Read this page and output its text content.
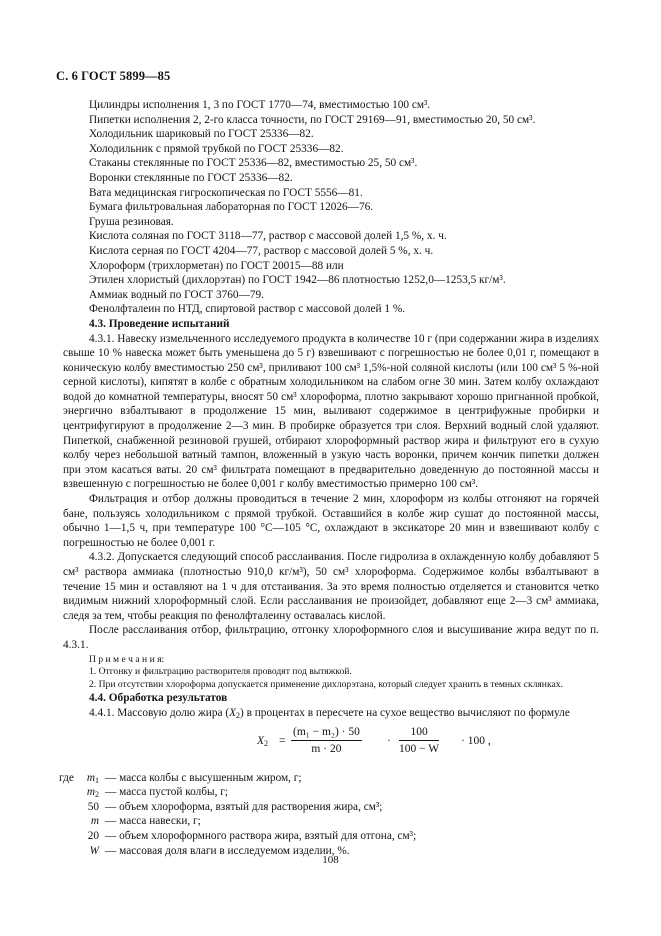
С. 6 ГОСТ 5899—85

Цилиндры исполнения 1, 3 по ГОСТ 1770—74, вместимостью 100 см³.

Пипетки исполнения 2, 2-го класса точности, по ГОСТ 29169—91, вместимостью 20, 50 см³.

Холодильник шариковый по ГОСТ 25336—82.

Холодильник с прямой трубкой по ГОСТ 25336—82.

Стаканы стеклянные по ГОСТ 25336—82, вместимостью 25, 50 см³.

Воронки стеклянные по ГОСТ 25336—82.

Вата медицинская гигроскопическая по ГОСТ 5556—81.

Бумага фильтровальная лабораторная по ГОСТ 12026—76.

Груша резиновая.

Кислота соляная по ГОСТ 3118—77, раствор с массовой долей 1,5 %, х. ч.

Кислота серная по ГОСТ 4204—77, раствор с массовой долей 5 %, х. ч.

Хлороформ (трихлорметан) по ГОСТ 20015—88 или

Этилен хлористый (дихлорэтан) по ГОСТ 1942—86 плотностью 1252,0—1253,5 кг/м³.

Аммиак водный по ГОСТ 3760—79.

Фенолфталеин по НТД, спиртовой раствор с массовой долей 1 %.

4.3. Проведение испытаний

4.3.1. Навеску измельченного исследуемого продукта в количестве 10 г (при содержании жира в изделиях свыше 10 % навеска может быть уменьшена до 5 г) взвешивают с погрешностью не более 0,01 г, помещают в коническую колбу вместимостью 250 см³, приливают 100 см³ 1,5%-ной соляной кислоты (или 100 см³ 5 %-ной серной кислоты), кипятят в колбе с обратным холодильником на слабом огне 30 мин. Затем колбу охлаждают водой до комнатной температуры, вносят 50 см³ хлороформа, плотно закрывают хорошо пригнанной пробкой, энергично взбалтывают в продолжение 15 мин, выливают содержимое в центрифужные пробирки и центрифугируют в продолжение 2—3 мин. В пробирке образуется три слоя. Верхний водный слой удаляют. Пипеткой, снабженной резиновой грушей, отбирают хлороформный раствор жира и фильтруют его в сухую колбу через небольшой ватный тампон, вложенный в узкую часть воронки, причем кончик пипетки должен при этом касаться ваты. 20 см³ фильтрата помещают в предварительно доведенную до постоянной массы и взвешенную с погрешностью не более 0,001 г колбу вместимостью примерно 100 см³.

Фильтрация и отбор должны проводиться в течение 2 мин, хлороформ из колбы отгоняют на горячей бане, пользуясь холодильником с прямой трубкой. Оставшийся в колбе жир сушат до постоянной массы, обычно 1—1,5 ч, при температуре 100 °С—105 °С, охлаждают в эксикаторе 20 мин и взвешивают колбу с погрешностью не более 0,001 г.

4.3.2. Допускается следующий способ расслаивания. После гидролиза в охлажденную колбу добавляют 5 см³ раствора аммиака (плотностью 910,0 кг/м³), 50 см³ хлороформа. Содержимое колбы взбалтывают в течение 15 мин и оставляют на 1 ч для отстаивания. За это время полностью отделяется и становится четко видимым нижний хлороформный слой. Если расслаивания не произойдет, добавляют еще 2—3 см³ аммиака, следя за тем, чтобы реакция по фенолфталеину оставалась кислой.

После расслаивания отбор, фильтрацию, отгонку хлороформного слоя и высушивание жира ведут по п. 4.3.1.

П р и м е ч а н и я:

1. Отгонку и фильтрацию растворителя проводят под вытяжкой.

2. При отсутствии хлороформа допускается применение дихлорэтана, который следует хранить в темных склянках.

4.4. Обработка результатов

4.4.1. Массовую долю жира $(X_2)$ в процентах в пересчете на сухое вещество вычисляют по формуле

$X_2 = \frac{\text{(m₁ − m₂) · 50}}{m \cdot 20} \cdot \frac{100}{100 - W} \cdot 100$ ,
где	$m_1$ — масса колбы с высушенным жиром, г;
$m_2$ — масса пустой колбы, г;
50 — объем хлороформа, взятый для растворения жира, см³;
m — масса навески, г;
20 — объем хлороформного раствора жира, взятый для отгона, см³;
W — массовая доля влаги в исследуемом изделии, %.
108
